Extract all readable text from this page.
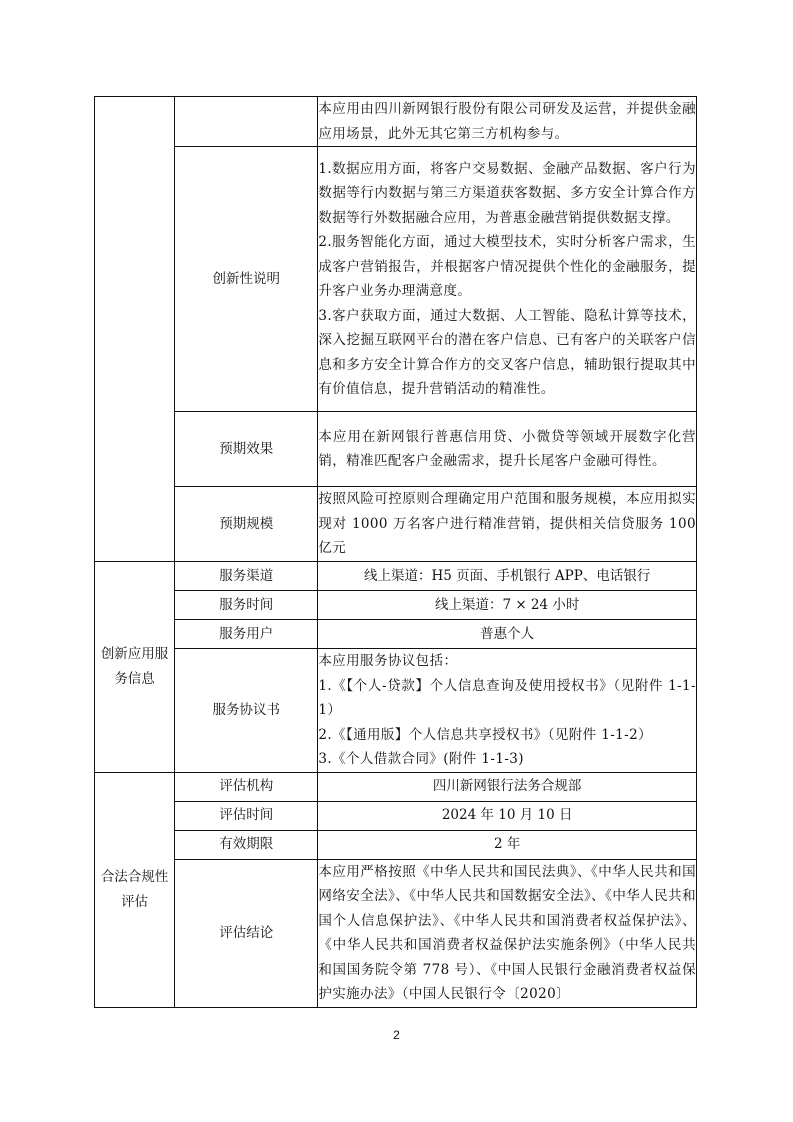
		本应用由四川新网银行股份有限公司研发及运营，并提供金融应用场景，此外无其它第三方机构参与。
	创新性说明	1.数据应用方面，将客户交易数据、金融产品数据、客户行为数据等行内数据与第三方渠道获客数据、多方安全计算合作方数据等行外数据融合应用，为普惠金融营销提供数据支撑。
2.服务智能化方面，通过大模型技术，实时分析客户需求，生成客户营销报告，并根据客户情况提供个性化的金融服务，提升客户业务办理满意度。
3.客户获取方面，通过大数据、人工智能、隐私计算等技术，深入挖掘互联网平台的潜在客户信息、已有客户的关联客户信息和多方安全计算合作方的交叉客户信息，辅助银行提取其中有价值信息，提升营销活动的精准性。

	预期效果	本应用在新网银行普惠信用贷、小微贷等领域开展数字化营销，精准匹配客户金融需求，提升长尾客户金融可得性。
	预期规模	按照风险可控原则合理确定用户范围和服务规模，本应用拟实现对 1000 万名客户进行精准营销，提供相关信贷服务 100 亿元
创新应用服务信息	服务渠道	线上渠道：H5 页面、手机银行 APP、电话银行
	服务时间	线上渠道：7 × 24 小时
	服务用户	普惠个人
	服务协议书	本应用服务协议包括：
1.《【个人-贷款】个人信息查询及使用授权书》（见附件 1-1-1）
2.《【通用版】个人信息共享授权书》（见附件 1-1-2）
3.《个人借款合同》(附件 1-1-3)

合法合规性评估	评估机构	四川新网银行法务合规部
	评估时间	2024 年 10 月 10 日
	有效期限	2 年
	评估结论	本应用严格按照《中华人民共和国民法典》、《中华人民共和国网络安全法》、《中华人民共和国数据安全法》、《中华人民共和国个人信息保护法》、《中华人民共和国消费者权益保护法》、《中华人民共和国消费者权益保护法实施条例》（中华人民共和国国务院令第 778 号）、《中国人民银行金融消费者权益保护实施办法》（中国人民银行令〔2020〕
2
